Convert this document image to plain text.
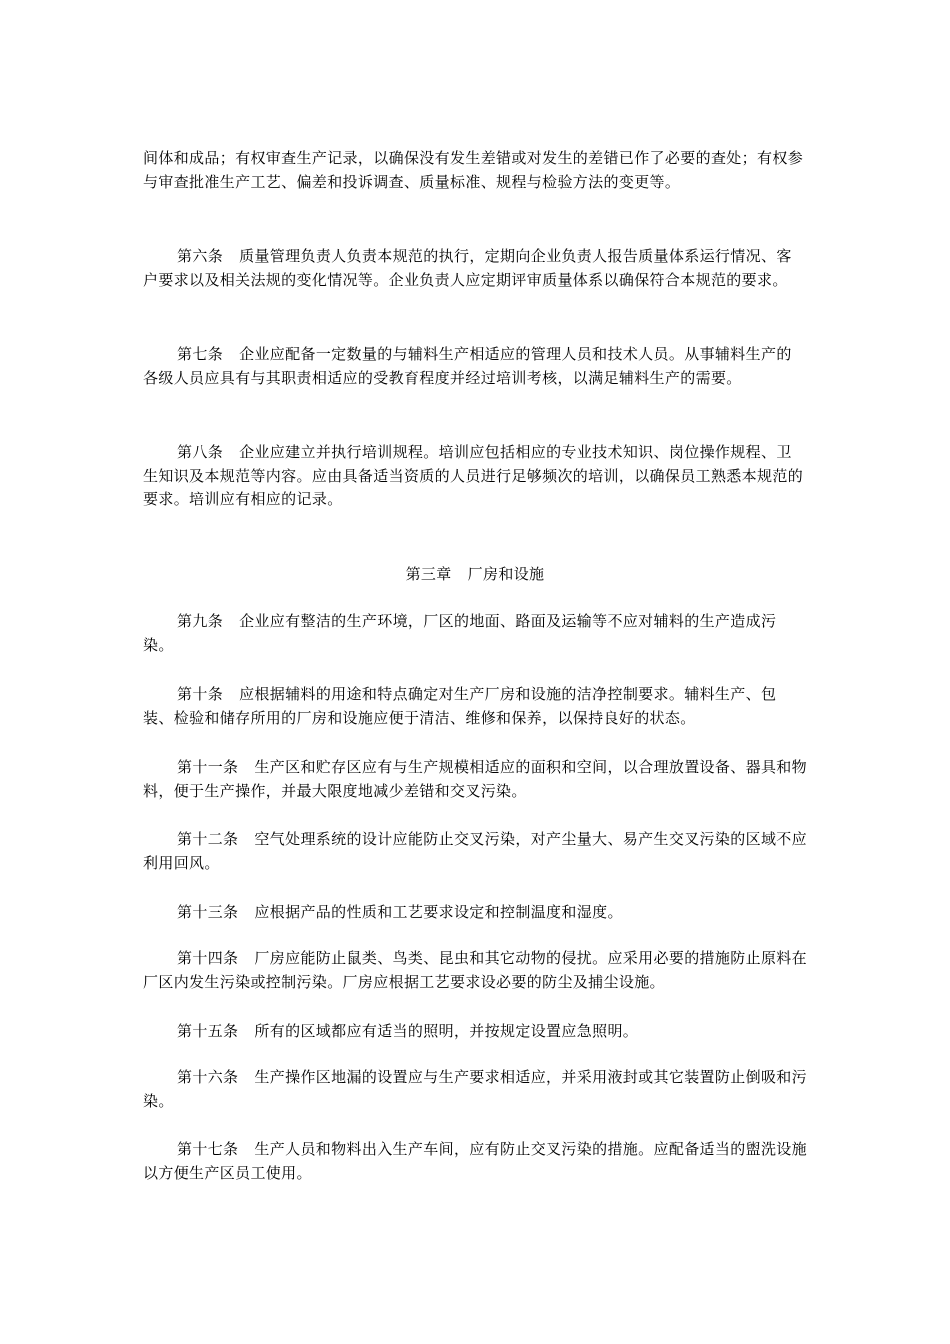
间体和成品；有权审查生产记录，以确保没有发生差错或对发生的差错已作了必要的查处；有权参与审查批准生产工艺、偏差和投诉调查、质量标准、规程与检验方法的变更等。
第六条 质量管理负责人负责本规范的执行，定期向企业负责人报告质量体系运行情况、客户要求以及相关法规的变化情况等。企业负责人应定期评审质量体系以确保符合本规范的要求。
第七条 企业应配备一定数量的与辅料生产相适应的管理人员和技术人员。从事辅料生产的各级人员应具有与其职责相适应的受教育程度并经过培训考核，以满足辅料生产的需要。
第八条 企业应建立并执行培训规程。培训应包括相应的专业技术知识、岗位操作规程、卫生知识及本规范等内容。应由具备适当资质的人员进行足够频次的培训，以确保员工熟悉本规范的要求。培训应有相应的记录。
第三章 厂房和设施
第九条 企业应有整洁的生产环境，厂区的地面、路面及运输等不应对辅料的生产造成污染。
第十条 应根据辅料的用途和特点确定对生产厂房和设施的洁净控制要求。辅料生产、包装、检验和储存所用的厂房和设施应便于清洁、维修和保养，以保持良好的状态。
第十一条 生产区和贮存区应有与生产规模相适应的面积和空间，以合理放置设备、器具和物料，便于生产操作，并最大限度地减少差错和交叉污染。
第十二条 空气处理系统的设计应能防止交叉污染，对产尘量大、易产生交叉污染的区域不应利用回风。
第十三条 应根据产品的性质和工艺要求设定和控制温度和湿度。
第十四条 厂房应能防止鼠类、鸟类、昆虫和其它动物的侵扰。应采用必要的措施防止原料在厂区内发生污染或控制污染。厂房应根据工艺要求设必要的防尘及捕尘设施。
第十五条 所有的区域都应有适当的照明，并按规定设置应急照明。
第十六条 生产操作区地漏的设置应与生产要求相适应，并采用液封或其它装置防止倒吸和污染。
第十七条 生产人员和物料出入生产车间，应有防止交叉污染的措施。应配备适当的盥洗设施以方便生产区员工使用。
